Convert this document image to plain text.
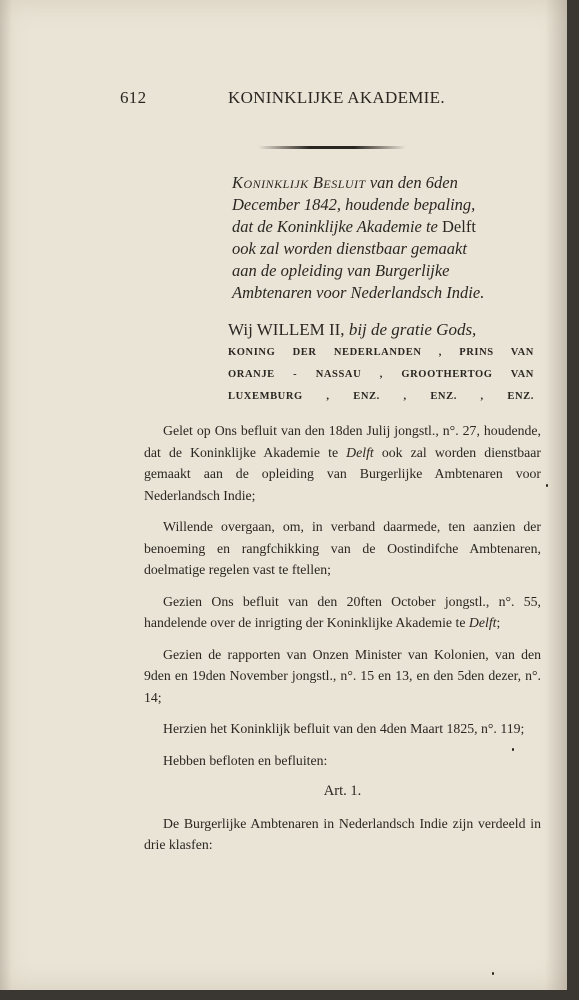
612	KONINKLIJKE AKADEMIE.

Koninklijk Besluit van den 6den

December 1842, houdende bepaling,

dat de Koninklijke Akademie te Delft

ook zal worden dienstbaar gemaakt

aan de opleiding van Burgerlijke

Ambtenaren voor Nederlandsch Indie.

Wij WILLEM II, bij de gratie Gods,

KONING DER NEDERLANDEN , PRINS VAN

ORANJE - NASSAU , GROOTHERTOG VAN

LUXEMBURG , ENZ. , ENZ. , ENZ.

Gelet op Ons befluit van den 18den Julij jongstl., n°. 27, houdende, dat de Koninklijke Akademie te Delft ook zal worden dienstbaar gemaakt aan de opleiding van Burgerlijke Ambtenaren voor Nederlandsch Indie;

Willende overgaan, om, in verband daarmede, ten aanzien der benoeming en rangfchikking van de Oostindifche Ambtenaren, doelmatige regelen vast te ftellen;

Gezien Ons befluit van den 20ften October jongstl., n°. 55, handelende over de inrigting der Koninklijke Akademie te Delft;

Gezien de rapporten van Onzen Minister van Kolonien, van den 9den en 19den November jongstl., n°. 15 en 13, en den 5den dezer, n°. 14;

Herzien het Koninklijk befluit van den 4den Maart 1825, n°. 119;

Hebben befloten en befluiten:

Art. 1.

De Burgerlijke Ambtenaren in Nederlandsch Indie zijn verdeeld in drie klasfen:
